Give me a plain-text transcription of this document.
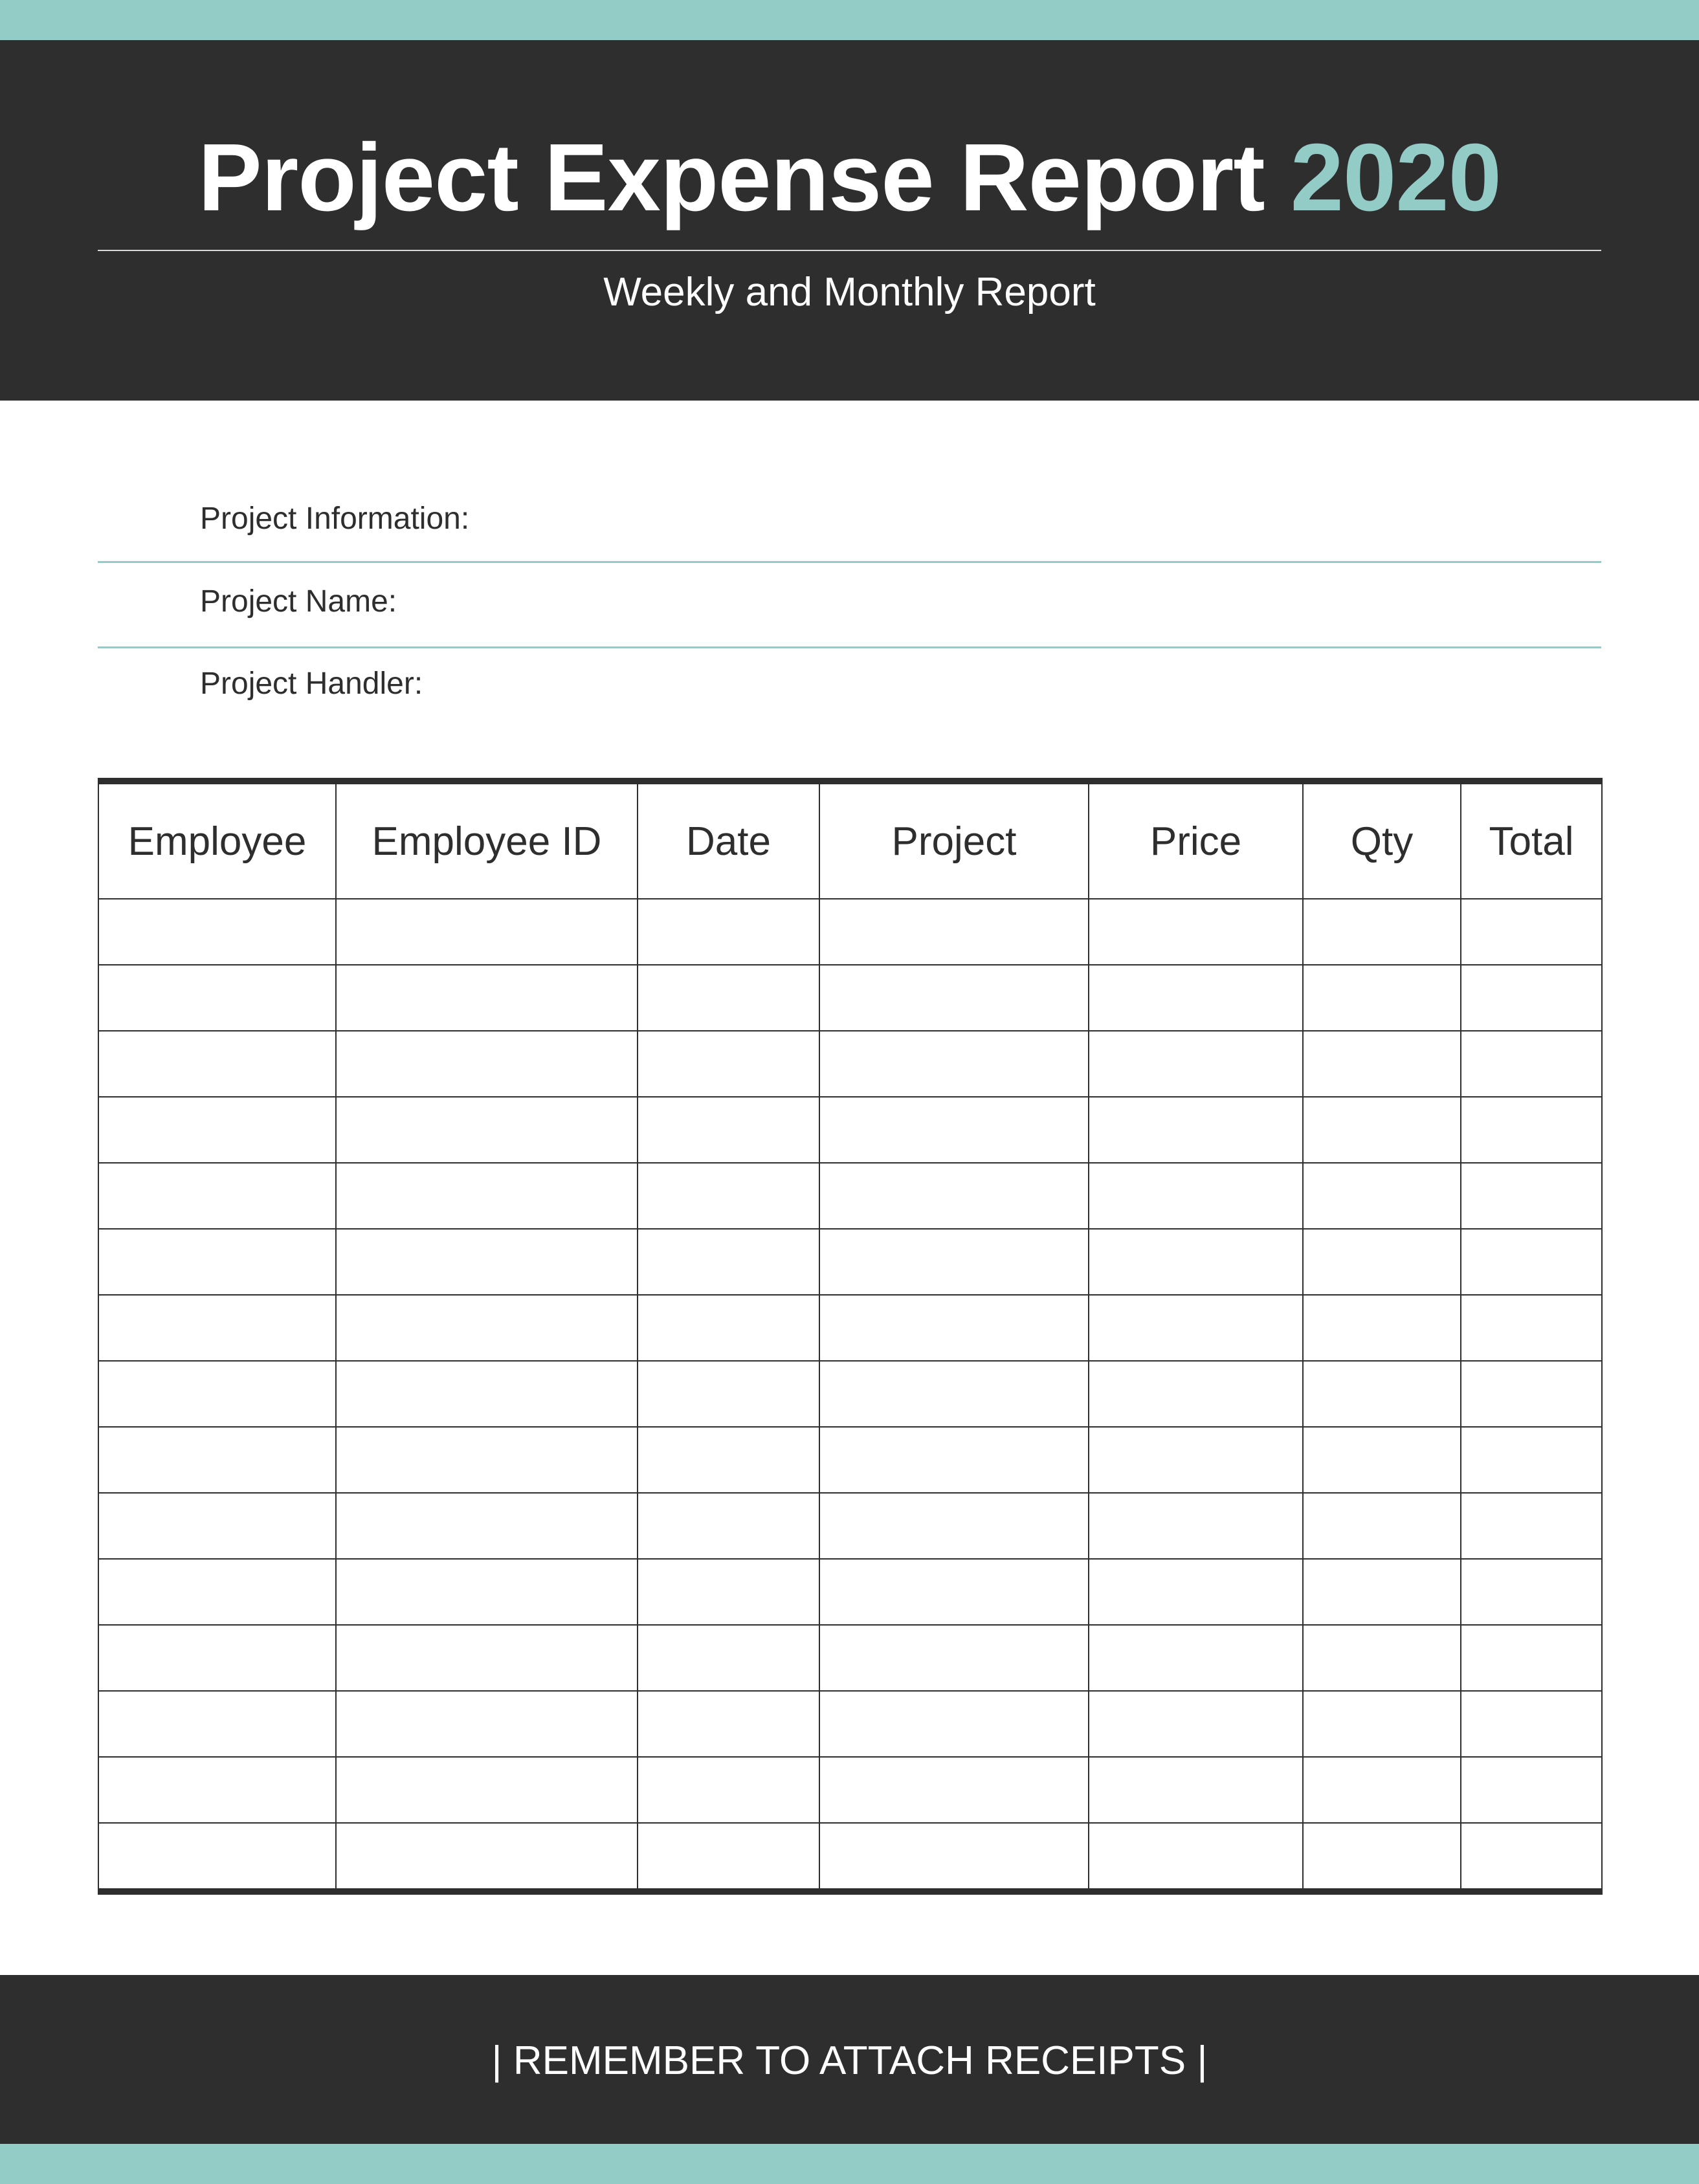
Project Expense Report 2020
Weekly and Monthly Report
Project Information:
Project Name:
Project Handler:
Employee	Employee ID	Date	Project	Price	Qty	Total

| REMEMBER TO ATTACH RECEIPTS |
